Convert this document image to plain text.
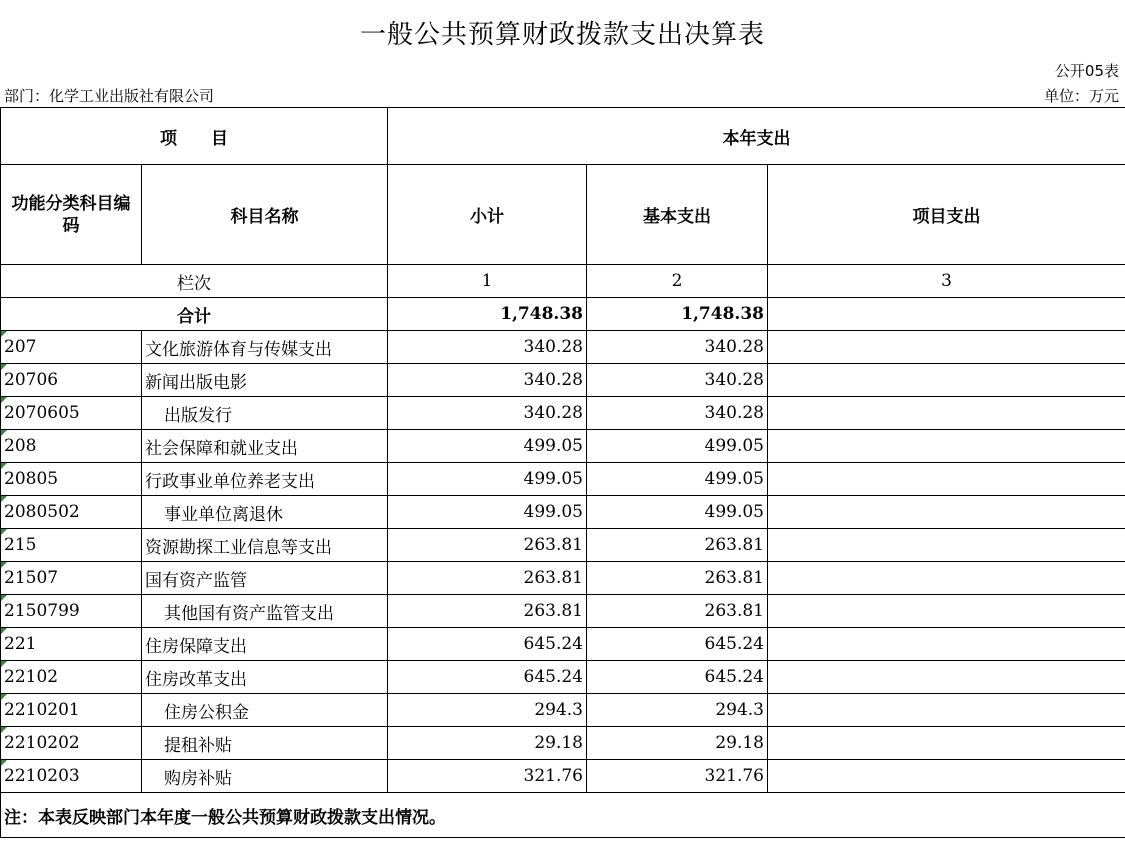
一般公共预算财政拨款支出决算表
公开05表
部门：化学工业出版社有限公司	单位：万元
项　　目		本年支出		
功能分类科目编码	科目名称	小计	基本支出	项目支出
栏次		1	2	3
合计		1,748.38	1,748.38	
207	文化旅游体育与传媒支出	340.28	340.28	
20706	新闻出版电影	340.28	340.28	
2070605	出版发行	340.28	340.28	
208	社会保障和就业支出	499.05	499.05	
20805	行政事业单位养老支出	499.05	499.05	
2080502	事业单位离退休	499.05	499.05	
215	资源勘探工业信息等支出	263.81	263.81	
21507	国有资产监管	263.81	263.81	
2150799	其他国有资产监管支出	263.81	263.81	
221	住房保障支出	645.24	645.24	
22102	住房改革支出	645.24	645.24	
2210201	住房公积金	294.3	294.3	
2210202	提租补贴	29.18	29.18	
2210203	购房补贴	321.76	321.76	
注：本表反映部门本年度一般公共预算财政拨款支出情况。				
